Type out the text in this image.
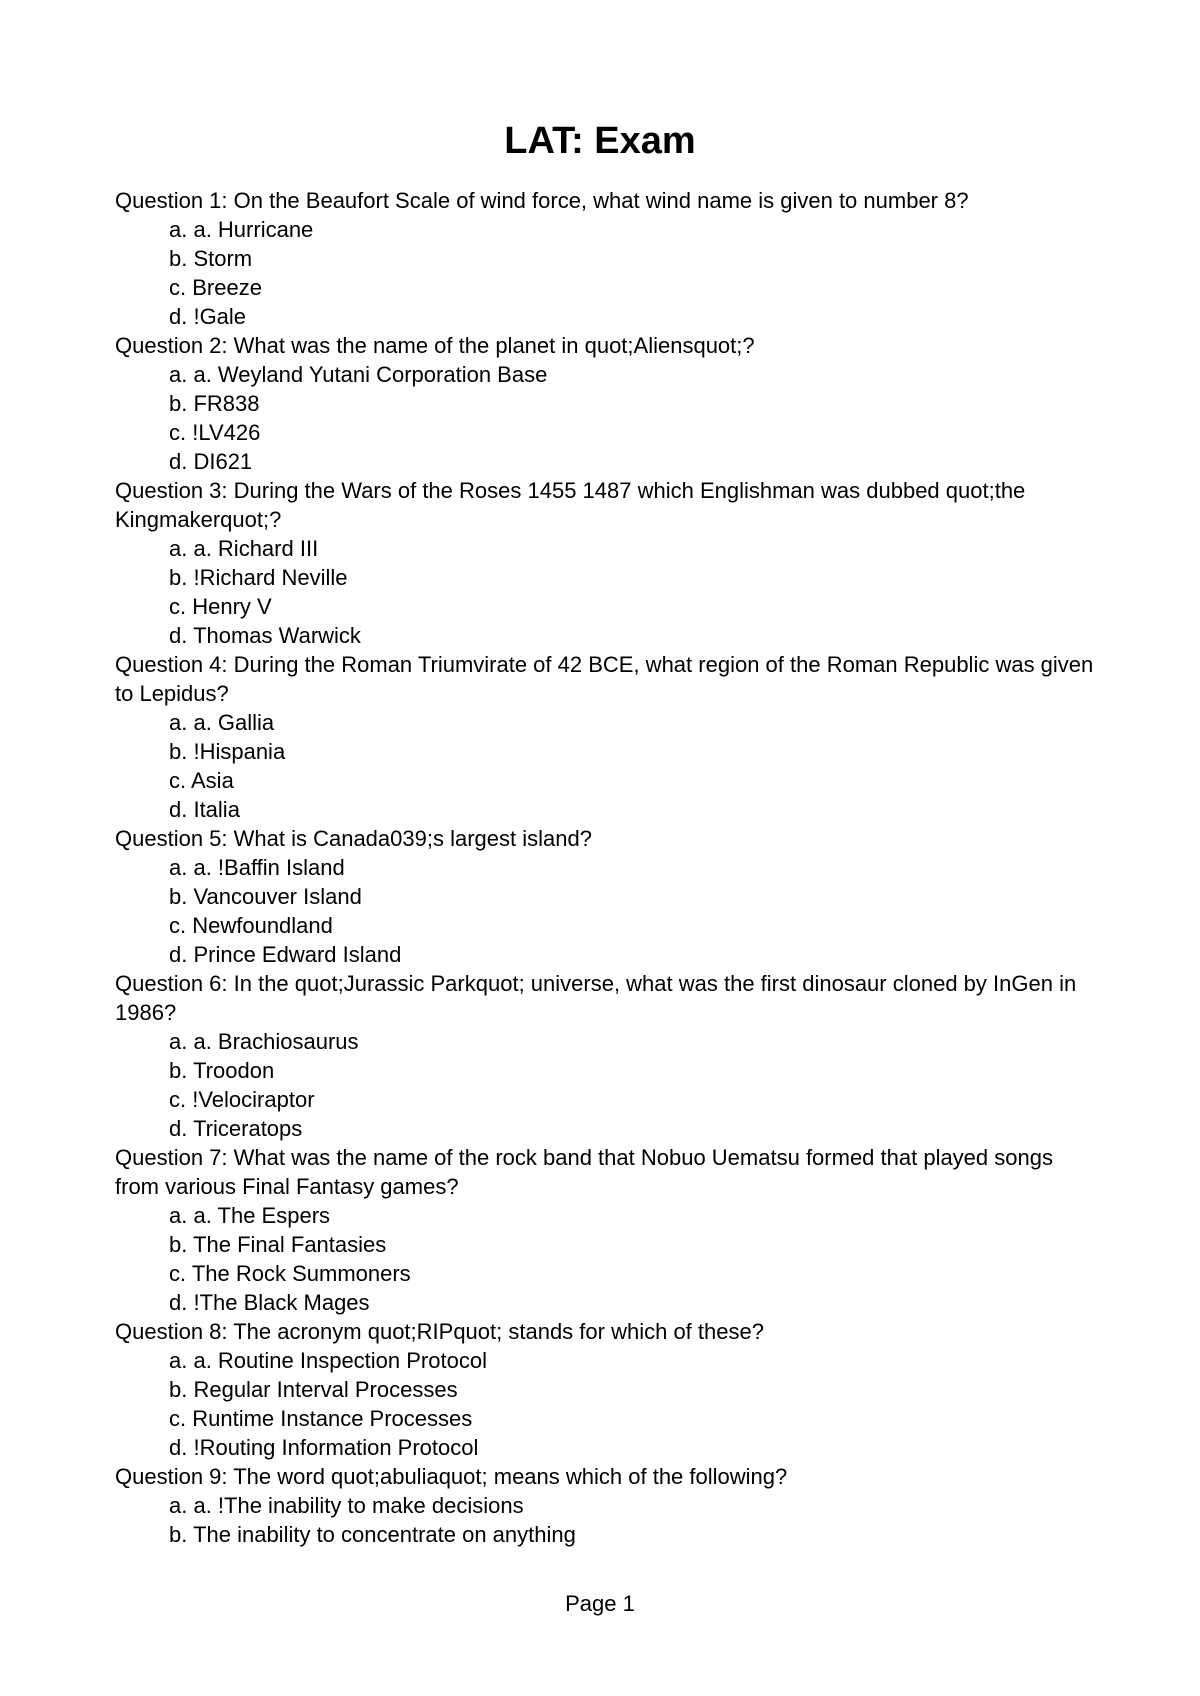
LAT: Exam
Question 1: On the Beaufort Scale of wind force, what wind name is given to number 8?
a. a. Hurricane
b. Storm
c. Breeze
d. !Gale
Question 2: What was the name of the planet in quot;Aliensquot;?
a. a. Weyland Yutani Corporation Base
b. FR838
c. !LV426
d. DI621
Question 3: During the Wars of the Roses 1455 1487 which Englishman was dubbed quot;the Kingmakerquot;?
a. a. Richard III
b. !Richard Neville
c. Henry V
d. Thomas Warwick
Question 4: During the Roman Triumvirate of 42 BCE, what region of the Roman Republic was given to Lepidus?
a. a. Gallia
b. !Hispania
c. Asia
d. Italia
Question 5: What is Canada039;s largest island?
a. a. !Baffin Island
b. Vancouver Island
c. Newfoundland
d. Prince Edward Island
Question 6: In the quot;Jurassic Parkquot; universe, what was the first dinosaur cloned by InGen in 1986?
a. a. Brachiosaurus
b. Troodon
c. !Velociraptor
d. Triceratops
Question 7: What was the name of the rock band that Nobuo Uematsu formed that played songs from various Final Fantasy games?
a. a. The Espers
b. The Final Fantasies
c. The Rock Summoners
d. !The Black Mages
Question 8: The acronym quot;RIPquot; stands for which of these?
a. a. Routine Inspection Protocol
b. Regular Interval Processes
c. Runtime Instance Processes
d. !Routing Information Protocol
Question 9: The word quot;abuliaquot; means which of the following?
a. a. !The inability to make decisions
b. The inability to concentrate on anything
Page 1
